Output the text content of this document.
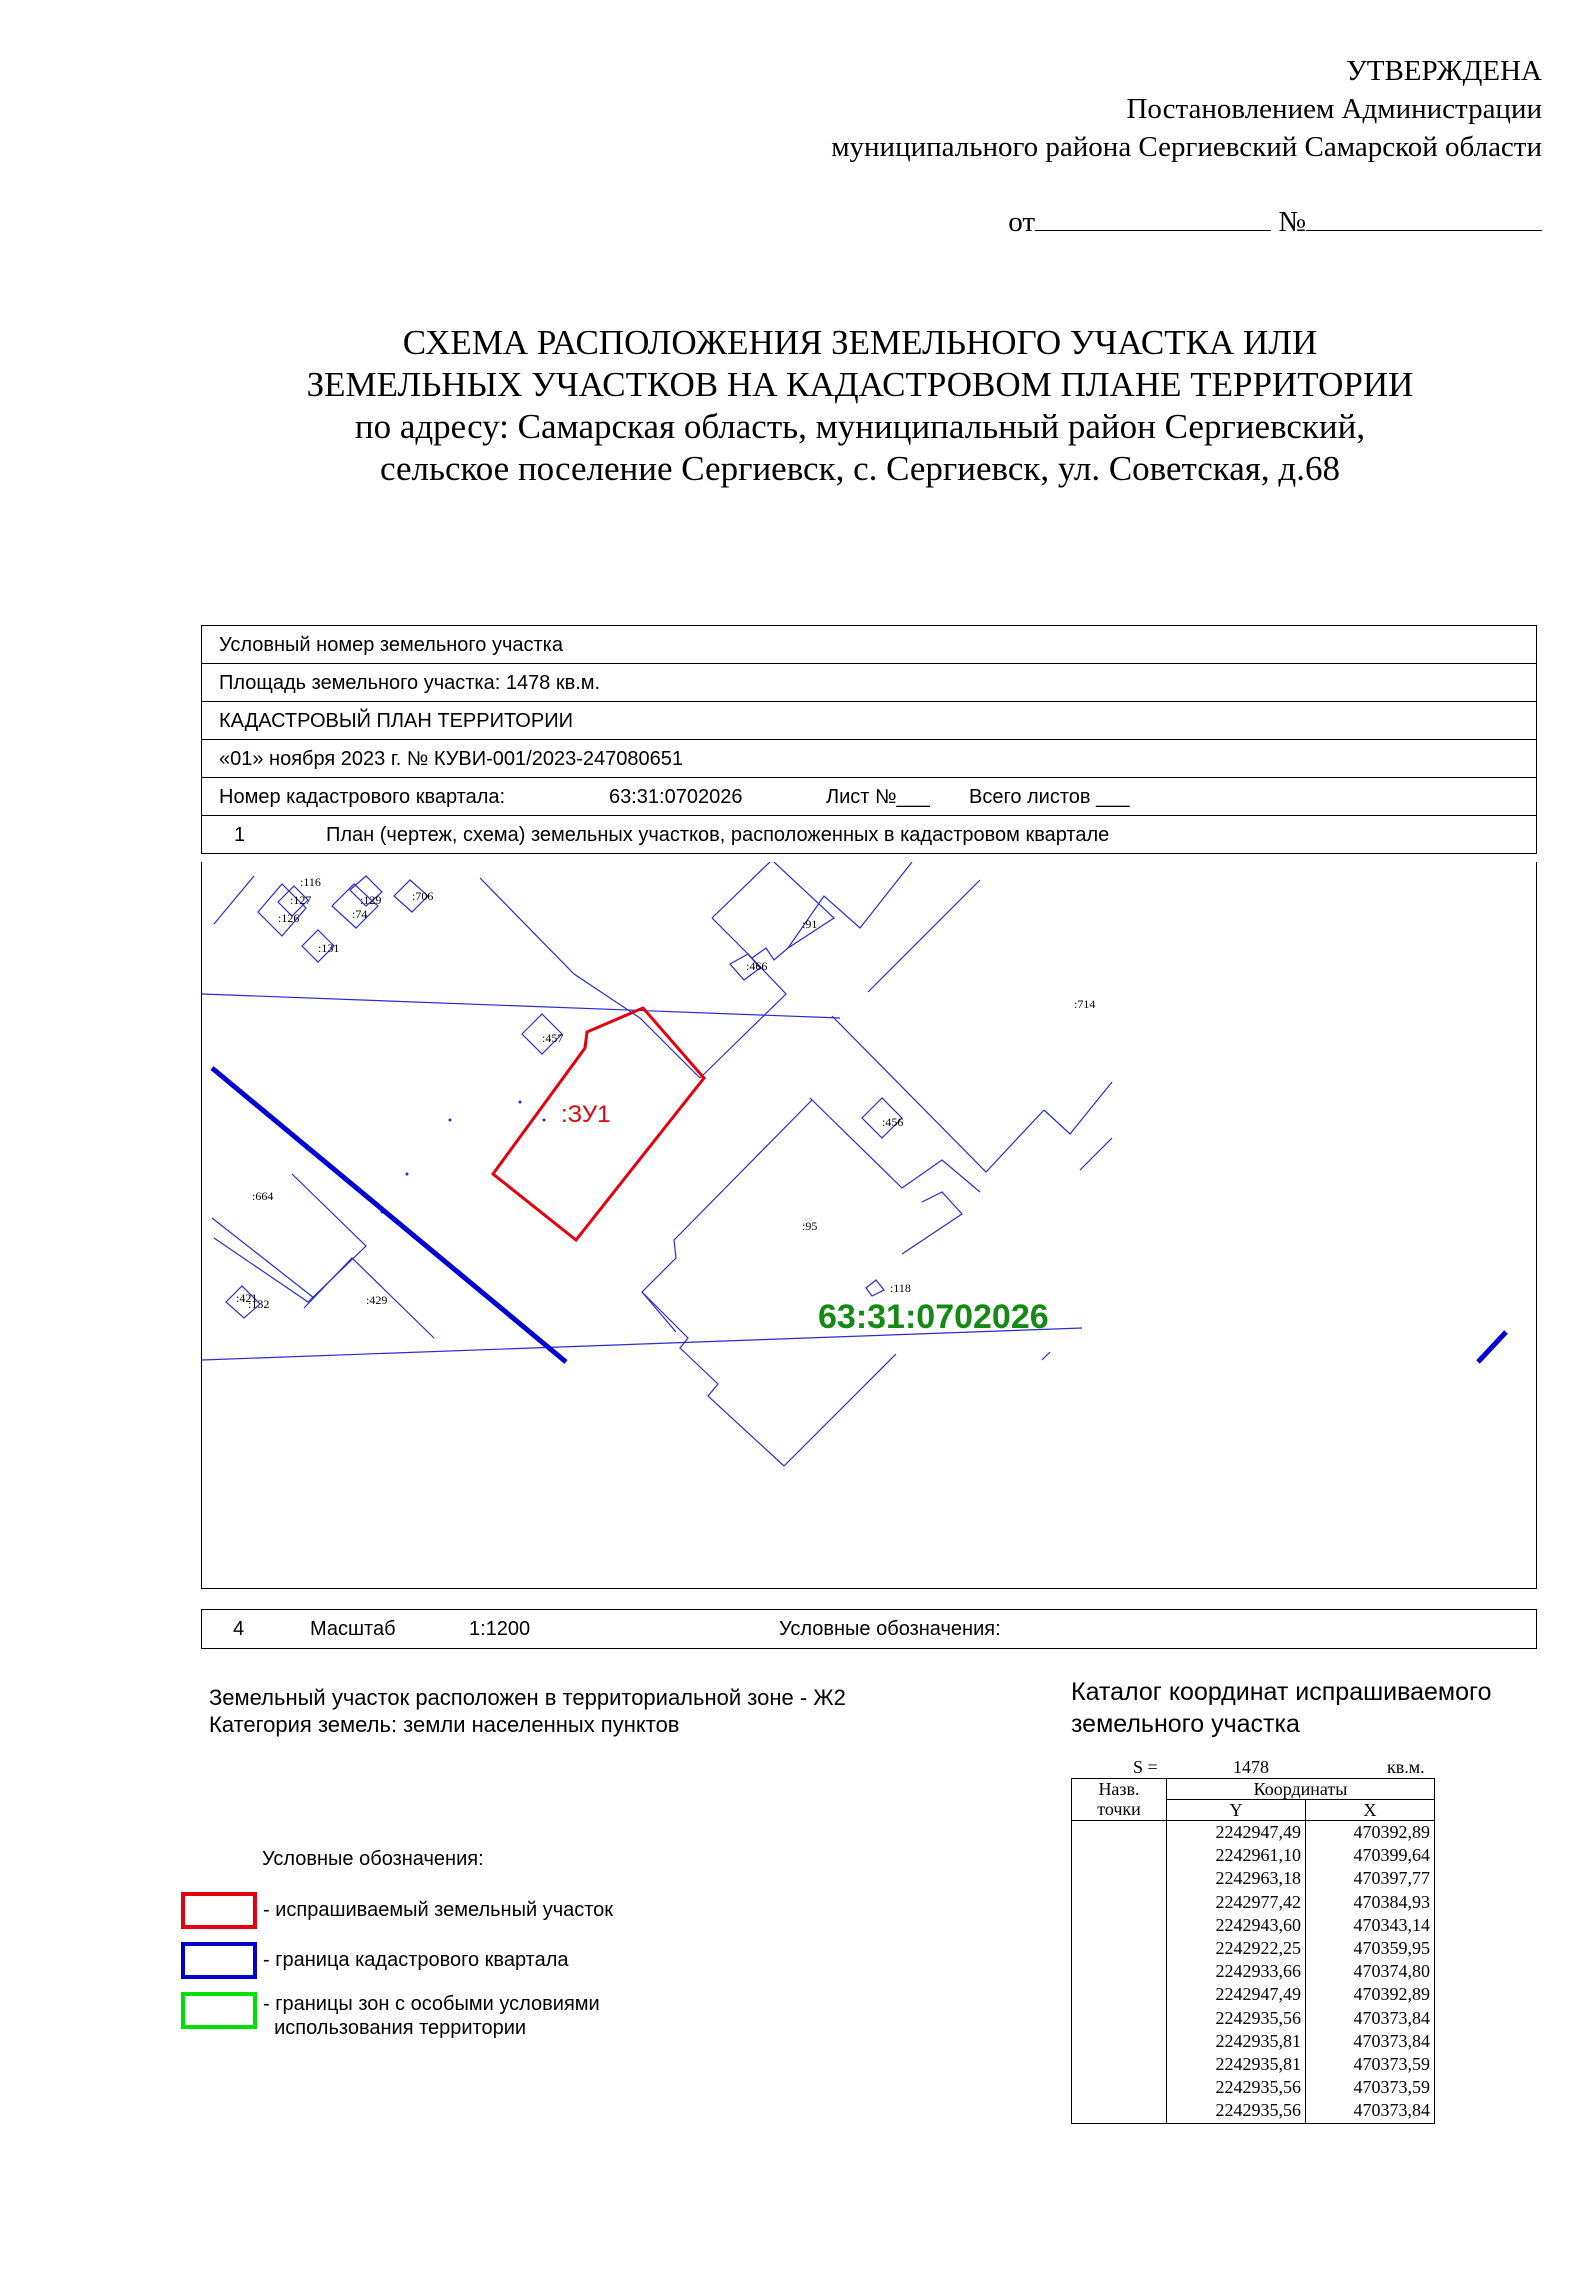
УТВЕРЖДЕНА
Постановлением Администрации
муниципального района Сергиевский Самарской области
от	№
СХЕМА РАСПОЛОЖЕНИЯ ЗЕМЕЛЬНОГО УЧАСТКА ИЛИ
ЗЕМЕЛЬНЫХ УЧАСТКОВ НА КАДАСТРОВОМ ПЛАНЕ ТЕРРИТОРИИ
по адресу: Самарская область, муниципальный район Сергиевский,
сельское поселение Сергиевск, с. Сергиевск, ул. Советская, д.68
Условный номер земельного участка
Площадь земельного участка: 1478 кв.м.
КАДАСТРОВЫЙ ПЛАН ТЕРРИТОРИИ
«01» ноября 2023 г. № КУВИ-001/2023-247080651
Номер кадастрового квартала:	63:31:0702026	Лист №___ Всего листов ___
1	План (чертеж, схема) земельных участков, расположенных в кадастровом квартале
:116
:127
:126
:129
:74
:706
:131
:91
:466
:714
:457
:456
:664
:95
:421
:132	:429
:118
:ЗУ1
63:31:0702026
4	Масштаб	1:1200	Условные обозначения:
Земельный участок расположен в территориальной зоне - Ж2
Категория земель: земли населенных пунктов
Условные обозначения:
- испрашиваемый земельный участок
- граница кадастрового квартала
- границы зон с особыми условиями
использования территории
Каталог координат испрашиваемого
земельного участка
S =	1478	кв.м.
Назв.
точки	Координаты	
	Y	X
	2242947,49	470392,89
	2242961,10	470399,64
	2242963,18	470397,77
	2242977,42	470384,93
	2242943,60	470343,14
	2242922,25	470359,95
	2242933,66	470374,80
	2242947,49	470392,89
	2242935,56	470373,84
	2242935,81	470373,84
	2242935,81	470373,59
	2242935,56	470373,59
	2242935,56	470373,84
